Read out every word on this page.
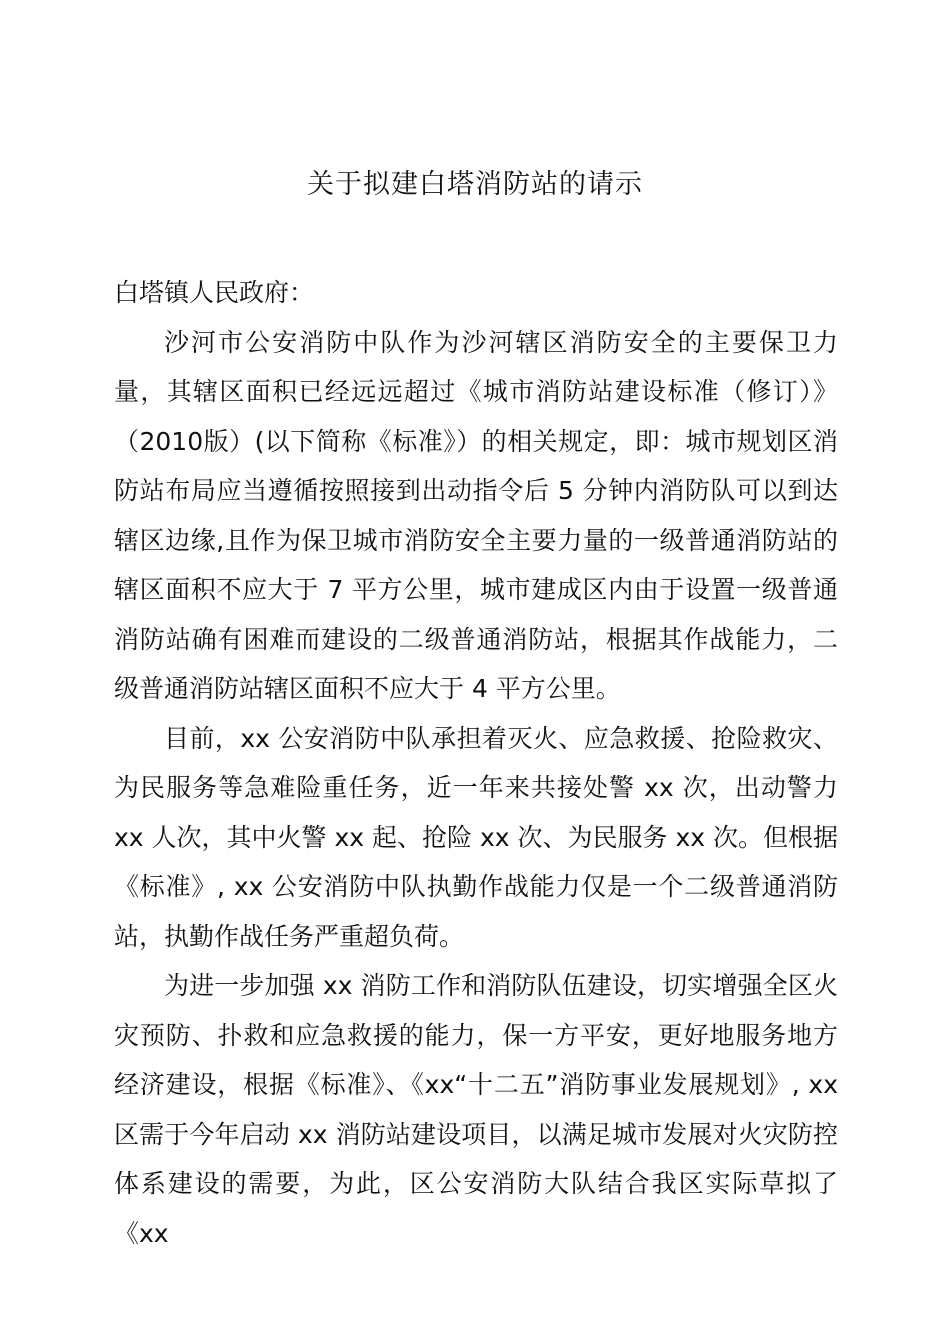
关于拟建白塔消防站的请示

白塔镇人民政府：

沙河市公安消防中队作为沙河辖区消防安全的主要保卫力量，其辖区面积已经远远超过《城市消防站建设标准（修订）》（2010版）(以下简称《标准》）的相关规定，即：城市规划区消防站布局应当遵循按照接到出动指令后 5 分钟内消防队可以到达辖区边缘,且作为保卫城市消防安全主要力量的一级普通消防站的辖区面积不应大于 7 平方公里，城市建成区内由于设置一级普通消防站确有困难而建设的二级普通消防站，根据其作战能力，二级普通消防站辖区面积不应大于 4 平方公里。

目前，xx 公安消防中队承担着灭火、应急救援、抢险救灾、为民服务等急难险重任务，近一年来共接处警 xx 次，出动警力 xx 人次，其中火警 xx 起、抢险 xx 次、为民服务 xx 次。但根据《标准》, xx 公安消防中队执勤作战能力仅是一个二级普通消防站，执勤作战任务严重超负荷。

为进一步加强 xx 消防工作和消防队伍建设，切实增强全区火灾预防、扑救和应急救援的能力，保一方平安，更好地服务地方经济建设，根据《标准》、《xx“十二五”消防事业发展规划》, xx 区需于今年启动 xx 消防站建设项目，以满足城市发展对火灾防控体系建设的需要，为此，区公安消防大队结合我区实际草拟了《xx
